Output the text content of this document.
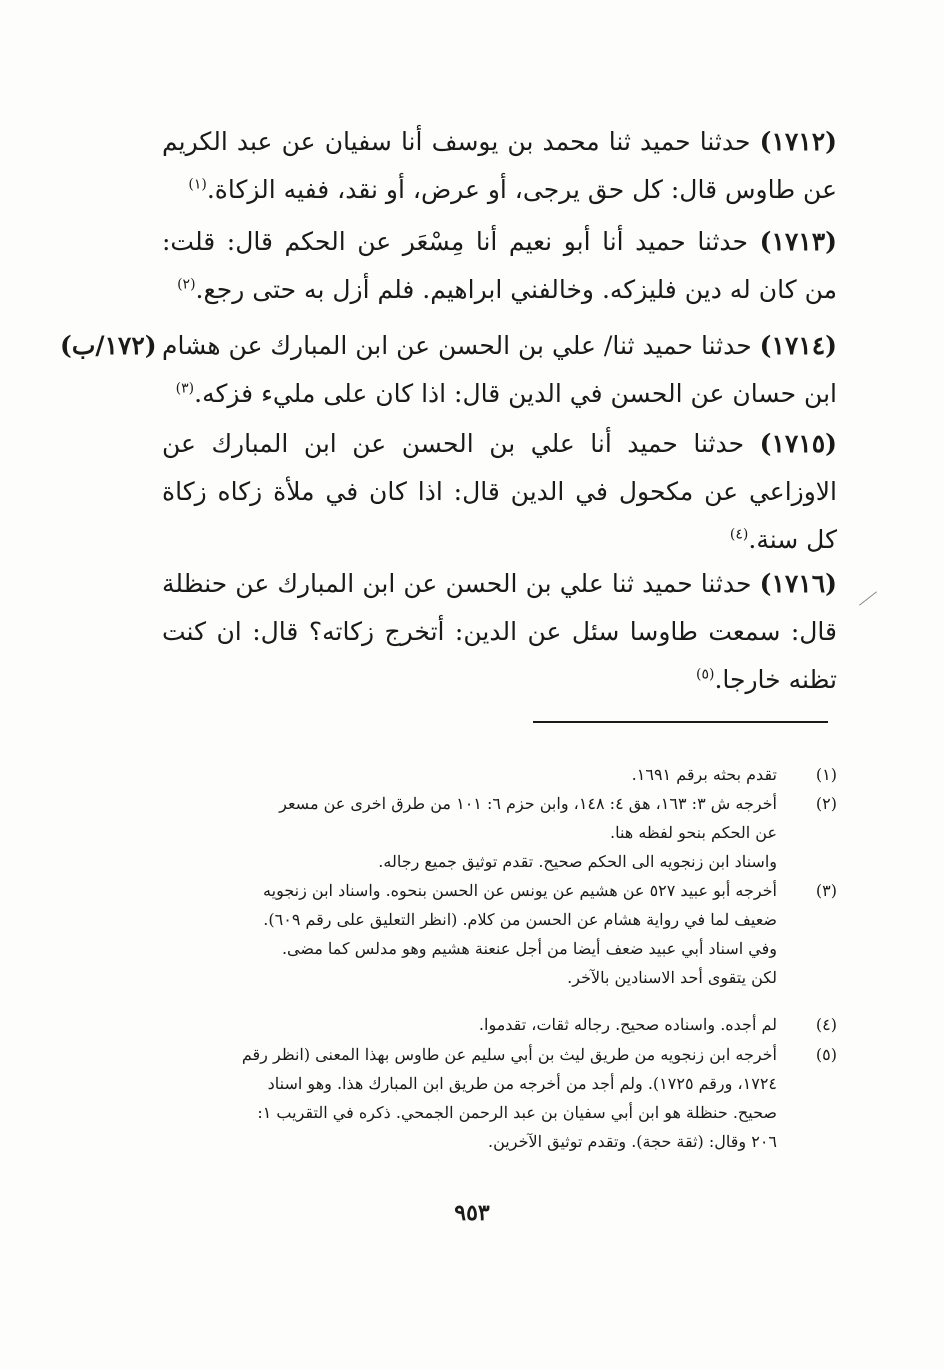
(١٧١٢) حدثنا حميد ثنا محمد بن يوسف أنا سفيان عن عبد الكريم عن طاوس قال: كل حق يرجى، أو عرض، أو نقد، ففيه الزكاة.$^{(١)}$
(١٧١٣) حدثنا حميد أنا أبو نعيم أنا مِسْعَر عن الحكم قال: قلت: من كان له دين فليزكه. وخالفني ابراهيم. فلم أزل به حتى رجع.$^{(٢)}$
(١٧٢/ب)	(١٧١٤) حدثنا حميد ثنا/ علي بن الحسن عن ابن المبارك عن هشام ابن حسان عن الحسن في الدين قال: اذا كان على مليء فزكه.$^{(٣)}$
(١٧١٥) حدثنا حميد أنا علي بن الحسن عن ابن المبارك عن الاوزاعي عن مكحول في الدين قال: اذا كان في ملأة زكاه زكاة كل سنة.$^{(٤)}$
(١٧١٦) حدثنا حميد ثنا علي بن الحسن عن ابن المبارك عن حنظلة قال: سمعت طاوسا سئل عن الدين: أتخرج زكاته؟ قال: ان كنت تظنه خارجا.$^{(٥)}$
(١)
تقدم بحثه برقم ١٦٩١.
(٢)
أخرجه ش ٣: ١٦٣، هق ٤: ١٤٨، وابن حزم ٦: ١٠١ من طرق اخرى عن مسعر
عن الحكم بنحو لفظه هنا.
واسناد ابن زنجويه الى الحكم صحيح. تقدم توثيق جميع رجاله.
(٣)
أخرجه أبو عبيد ٥٢٧ عن هشيم عن يونس عن الحسن بنحوه. واسناد ابن زنجويه
ضعيف لما في رواية هشام عن الحسن من كلام. (انظر التعليق على رقم ٦٠٩).
وفي اسناد أبي عبيد ضعف أيضا من أجل عنعنة هشيم وهو مدلس كما مضى.
لكن يتقوى أحد الاسنادين بالآخر.
(٤)
لم أجده. واسناده صحيح. رجاله ثقات، تقدموا.
(٥)
أخرجه ابن زنجويه من طريق ليث بن أبي سليم عن طاوس بهذا المعنى (انظر رقم
١٧٢٤، ورقم ١٧٢٥). ولم أجد من أخرجه من طريق ابن المبارك هذا. وهو اسناد
صحيح. حنظلة هو ابن أبي سفيان بن عبد الرحمن الجمحي. ذكره في التقريب ١:
٢٠٦ وقال: (ثقة حجة). وتقدم توثيق الآخرين.
٩٥٣
